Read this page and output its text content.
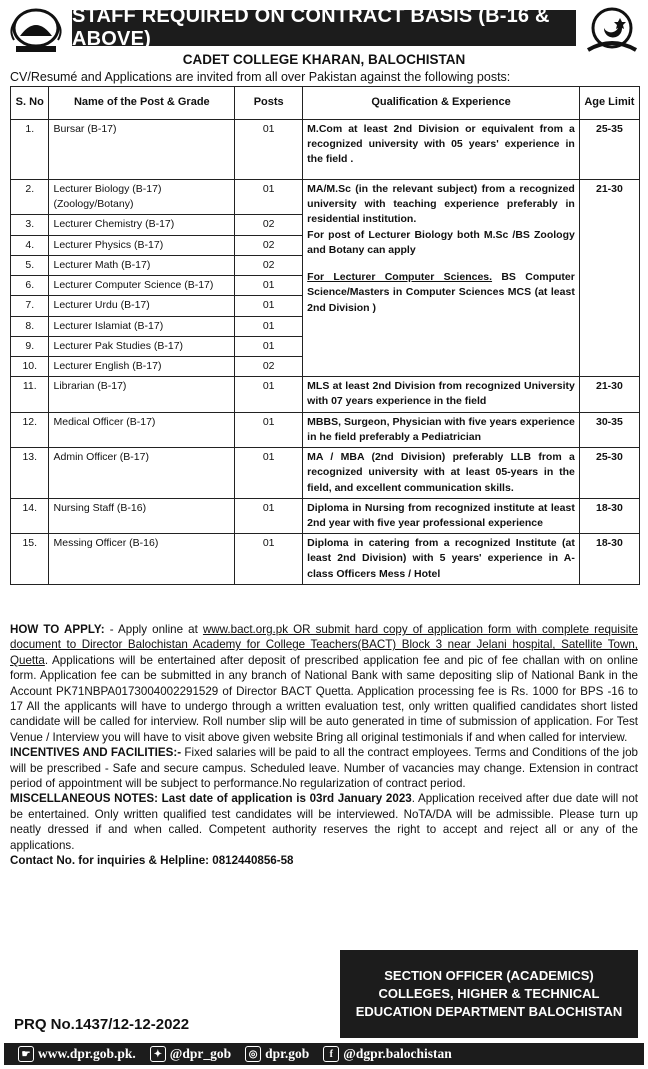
STAFF REQUIRED ON CONTRACT BASIS (B-16 & ABOVE)
CADET COLLEGE KHARAN, BALOCHISTAN
CV/Resumé and Applications are invited from all over Pakistan against the following posts:
S. No	Name of the Post & Grade	Posts	Qualification & Experience	Age Limit
1.	Bursar (B-17)	01	M.Com at least 2nd Division or equivalent from a recognized university with 05 years' experience in the field .	25-35
2.	Lecturer Biology (B-17) (Zoology/Botany)	01	MA/M.Sc (in the relevant subject) from a recognized university with teaching experience preferably in residential institution.

For post of Lecturer Biology both M.Sc /BS Zoology and Botany can apply

For Lecturer Computer Sciences. BS Computer Science/Masters in Computer Sciences MCS (at least 2nd Division )	21-30
3.	Lecturer Chemistry (B-17)	02		
4.	Lecturer Physics (B-17)	02		
5.	Lecturer Math (B-17)	02		
6.	Lecturer Computer Science (B-17)	01		
7.	Lecturer Urdu (B-17)	01		
8.	Lecturer Islamiat (B-17)	01		
9.	Lecturer Pak Studies (B-17)	01		
10.	Lecturer English (B-17)	02		
11.	Librarian (B-17)	01	MLS at least 2nd Division from recognized University with 07 years experience in the field	21-30
12.	Medical Officer (B-17)	01	MBBS, Surgeon, Physician with five years experience in he field preferably a Pediatrician	30-35
13.	Admin Officer (B-17)	01	MA / MBA (2nd Division) preferably LLB from a recognized university with at least 05-years in the field, and excellent communication skills.	25-30
14.	Nursing Staff (B-16)	01	Diploma in Nursing from recognized institute at least 2nd year with five year professional experience	18-30
15.	Messing Officer (B-16)	01	Diploma in catering from a recognized Institute (at least 2nd Division) with 5 years' experience in A-class Officers Mess / Hotel	18-30

HOW TO APPLY: - Apply online at www.bact.org.pk OR submit hard copy of application form with complete requisite document to Director Balochistan Academy for College Teachers(BACT) Block 3 near Jelani hospital, Satellite Town, Quetta. Applications will be entertained after deposit of prescribed application fee and pic of fee challan with on online form. Application fee can be submitted in any branch of National Bank with same depositing slip of National Bank in the Account PK71NBPA0173004002291529 of Director BACT Quetta. Application processing fee is Rs. 1000 for BPS -16 to 17 All the applicants will have to undergo through a written evaluation test, only written qualified candidates short listed candidate will be called for interview. Roll number slip will be auto generated in time of submission of application. For Test Venue / Interview you will have to visit above given website Bring all original testimonials if and when called for interview.

INCENTIVES AND FACILITIES:- Fixed salaries will be paid to all the contract employees. Terms and Conditions of the job will be prescribed - Safe and secure campus. Scheduled leave. Number of vacancies may change. Extension in contract period of appointment will be subject to performance.No regularization of contract period.

MISCELLANEOUS NOTES: Last date of application is 03rd January 2023. Application received after due date will not be entertained. Only written qualified test candidates will be interviewed. NoTA/DA will be admissible. Please turn up neatly dressed if and when called. Competent authority reserves the right to accept and reject all or any of the applications.

Contact No. for inquiries & Helpline: 0812440856-58

SECTION OFFICER (ACADEMICS)
COLLEGES, HIGHER & TECHNICAL
EDUCATION DEPARTMENT BALOCHISTAN
PRQ No.1437/12-12-2022
☛ www.dpr.gob.pk.	✦ @dpr_gob	◎ dpr.gob	f @dgpr.balochistan
